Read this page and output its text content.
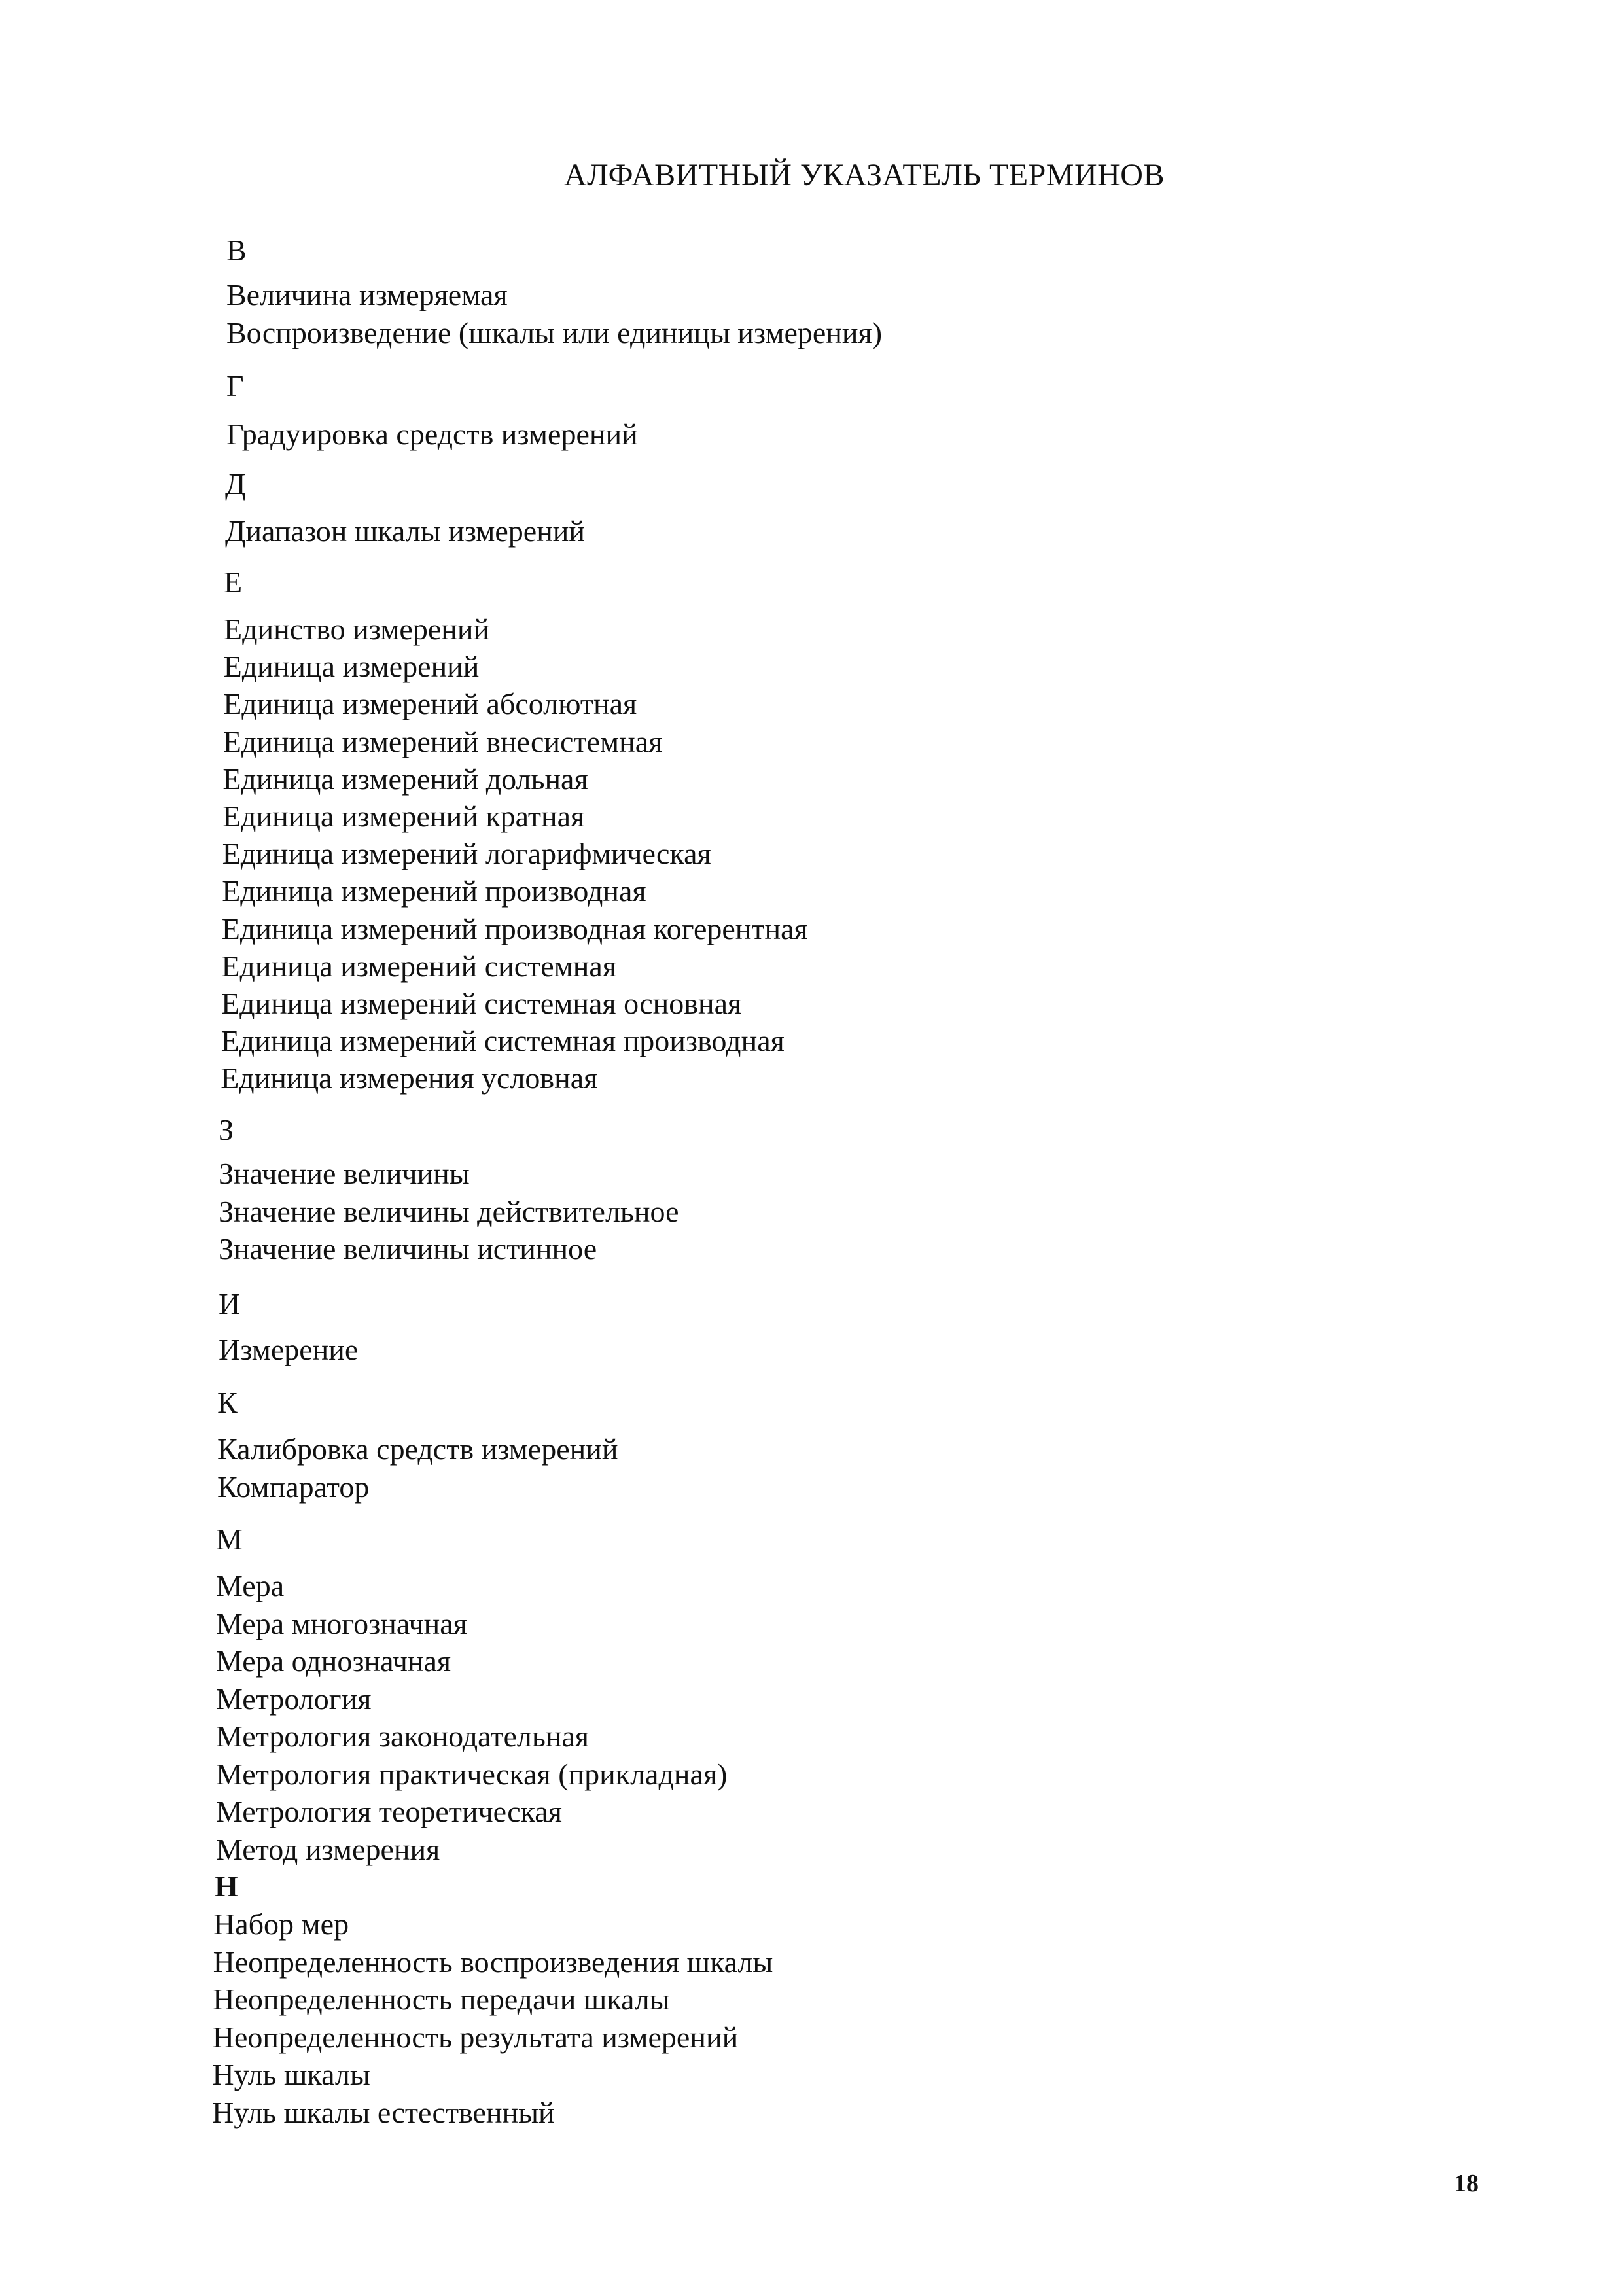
АЛФАВИТНЫЙ УКАЗАТЕЛЬ ТЕРМИНОВ
В
Величина измеряемая
Воспроизведение (шкалы или единицы измерения)
Г
Градуировка средств измерений
Д
Диапазон шкалы измерений
Е
Единство измерений
Единица измерений
Единица измерений абсолютная
Единица измерений внесистемная
Единица измерений дольная
Единица измерений кратная
Единица измерений логарифмическая
Единица измерений производная
Единица измерений производная когерентная
Единица измерений системная
Единица измерений системная основная
Единица измерений системная производная
Единица измерения условная
З
Значение величины
Значение величины действительное
Значение величины истинное
И
Измерение
К
Калибровка средств измерений
Компаратор
М
Мера
Мера многозначная
Мера однозначная
Метрология
Метрология законодательная
Метрология практическая (прикладная)
Метрология теоретическая
Метод измерения
Н
Набор мер
Неопределенность воспроизведения шкалы
Неопределенность передачи шкалы
Неопределенность результата измерений
Нуль шкалы
Нуль шкалы естественный
18
